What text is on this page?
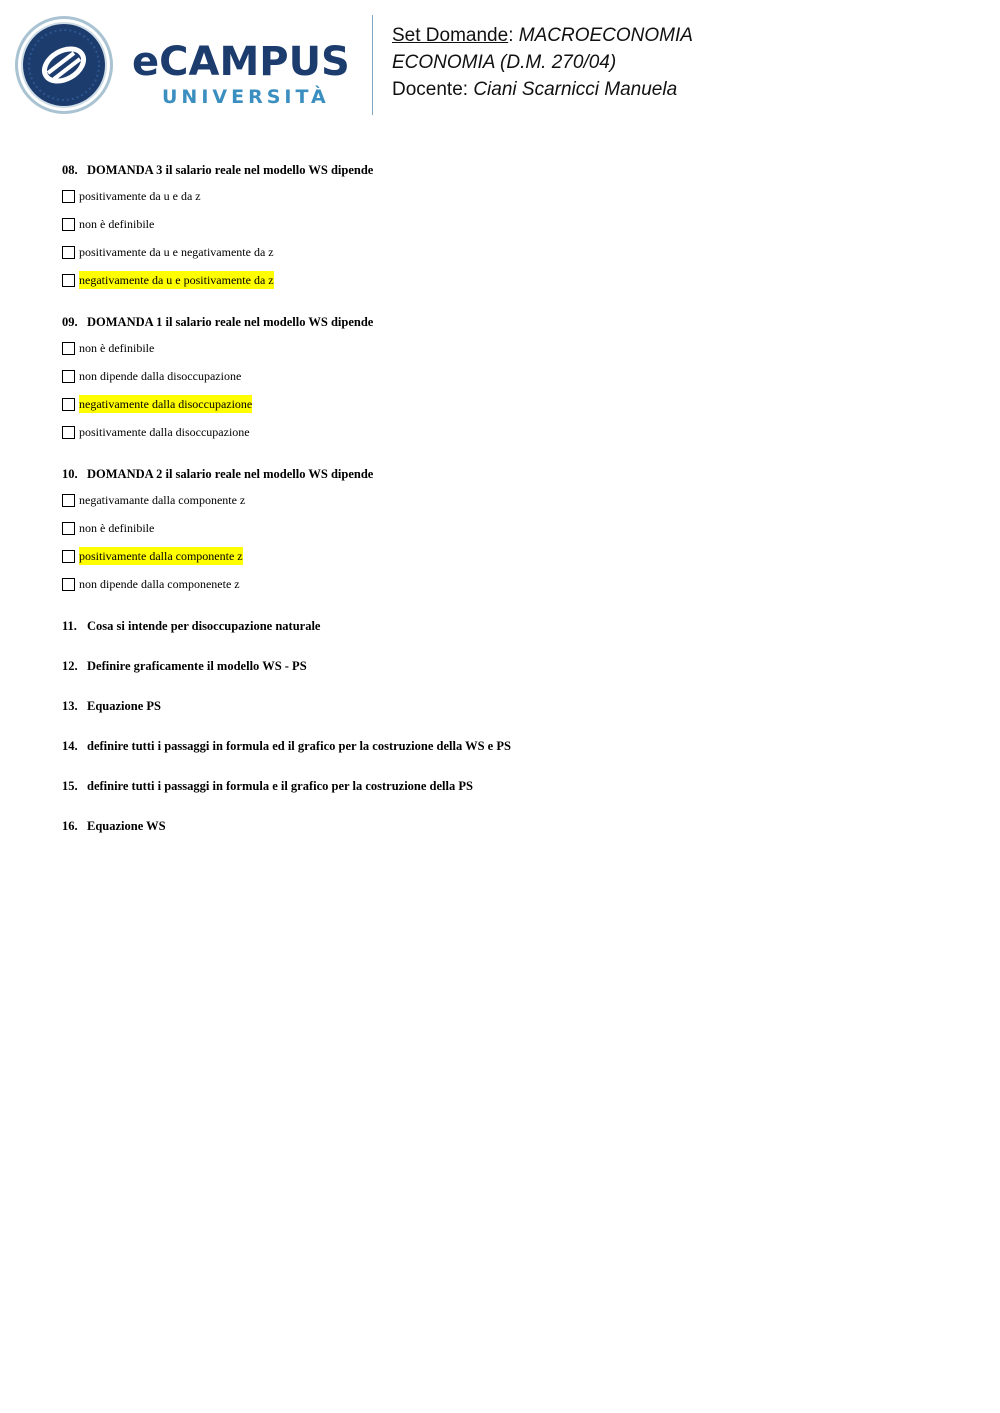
eCAMPUS
UNIVERSITÀ
Set Domande: MACROECONOMIA
ECONOMIA (D.M. 270/04)
Docente: Ciani Scarnicci Manuela
08. DOMANDA 3 il salario reale nel modello WS dipende
positivamente da u e da z
non è definibile
positivamente da u e negativamente da z
negativamente da u e positivamente da z
09. DOMANDA 1 il salario reale nel modello WS dipende
non è definibile
non dipende dalla disoccupazione
negativamente dalla disoccupazione
positivamente dalla disoccupazione
10. DOMANDA 2 il salario reale nel modello WS dipende
negativamante dalla componente z
non è definibile
positivamente dalla componente z
non dipende dalla componenete z
11. Cosa si intende per disoccupazione naturale
12. Definire graficamente il modello WS - PS
13. Equazione PS
14. definire tutti i passaggi in formula ed il grafico per la costruzione della WS e PS
15. definire tutti i passaggi in formula e il grafico per la costruzione della PS
16. Equazione WS
